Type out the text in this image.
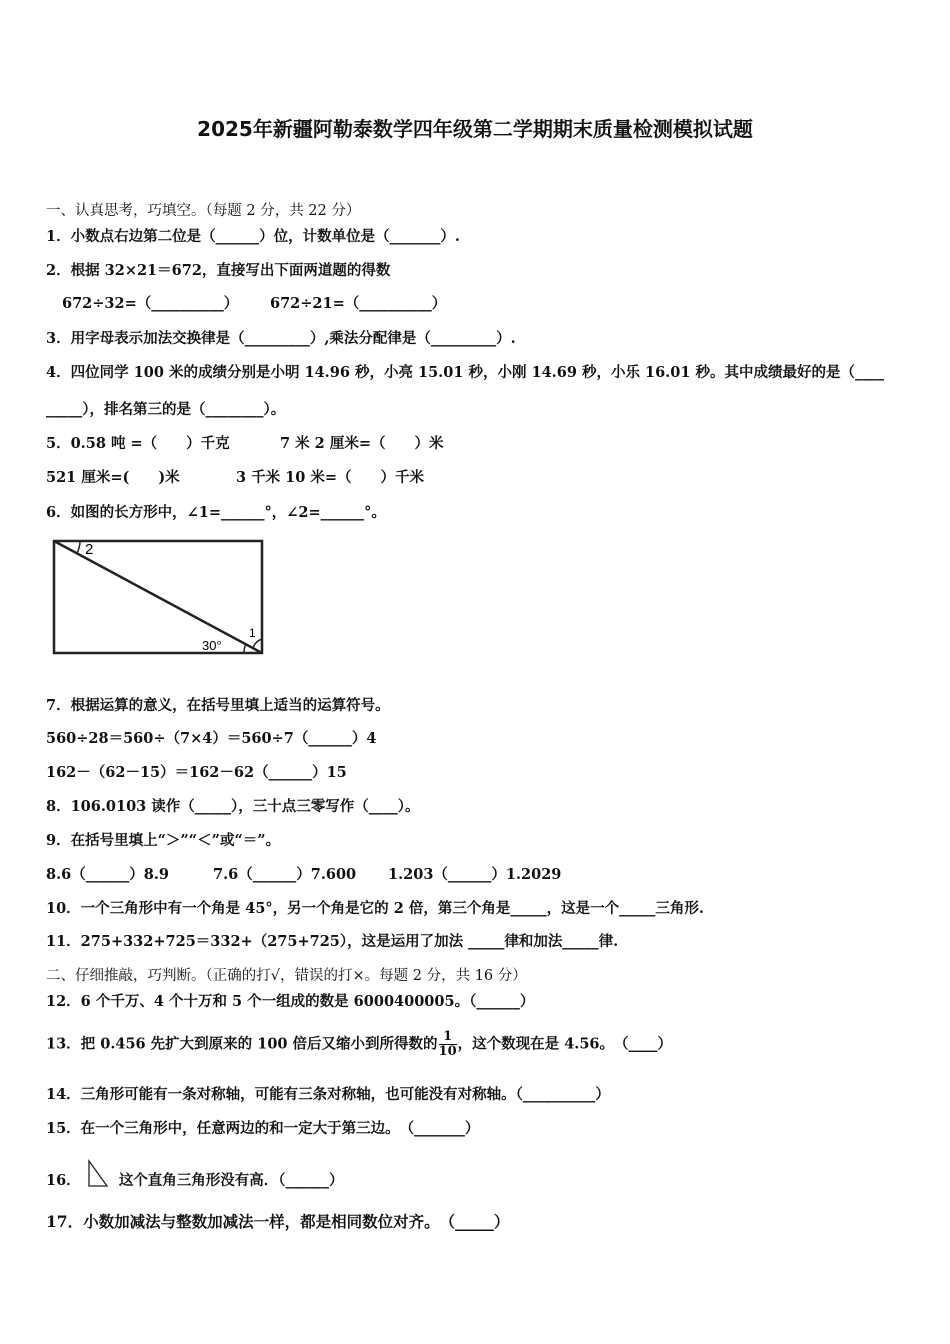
2025年新疆阿勒泰数学四年级第二学期期末质量检测模拟试题
一、认真思考，巧填空。（每题 2 分，共 22 分）
1．小数点右边第二位是（______）位，计数单位是（_______）.
2．根据 32×21＝672，直接写出下面两道题的得数
672÷32=（__________） 672÷21=（__________）
3．用字母表示加法交换律是（_________）,乘法分配律是（_________）.
4．四位同学 100 米的成绩分别是小明 14.96 秒，小亮 15.01 秒，小刚 14.69 秒，小乐 16.01 秒。其中成绩最好的是（____
_____），排名第三的是（________）。
5．0.58 吨 =（　　）千克	7 米 2 厘米=（　　）米
521 厘米=(　　)米	3 千米 10 米=（　　）千米
6．如图的长方形中，∠1=______°，∠2=______°。
2
1
30°
7．根据运算的意义，在括号里填上适当的运算符号。
560÷28＝560÷（7×4）＝560÷7（______）4
162－（62－15）＝162－62（______）15
8．106.0103 读作（_____），三十点三零写作（____）。
9．在括号里填上“＞”“＜”或“＝”。
8.6（______）8.9	7.6（______）7.600 1.203（______）1.2029
10．一个三角形中有一个角是 45°，另一个角是它的 2 倍，第三个角是_____，这是一个_____三角形.
11．275+332+725＝332+（275+725），这是运用了加法 _____律和加法_____律.
二、仔细推敲，巧判断。（正确的打√，错误的打×。每题 2 分，共 16 分）
12．6 个千万、4 个十万和 5 个一组成的数是 6000400005。（______）
13．把 0.456 先扩大到原来的 100 倍后又缩小到所得数的 $\frac{1}{10}$ ，这个数现在是 4.56。　（____）
14．三角形可能有一条对称轴，可能有三条对称轴，也可能没有对称轴。（__________）
15．在一个三角形中，任意两边的和一定大于第三边。　（_______）
16．	这个直角三角形没有高．（______）
17．小数加减法与整数加减法一样，都是相同数位对齐。　（_____）
